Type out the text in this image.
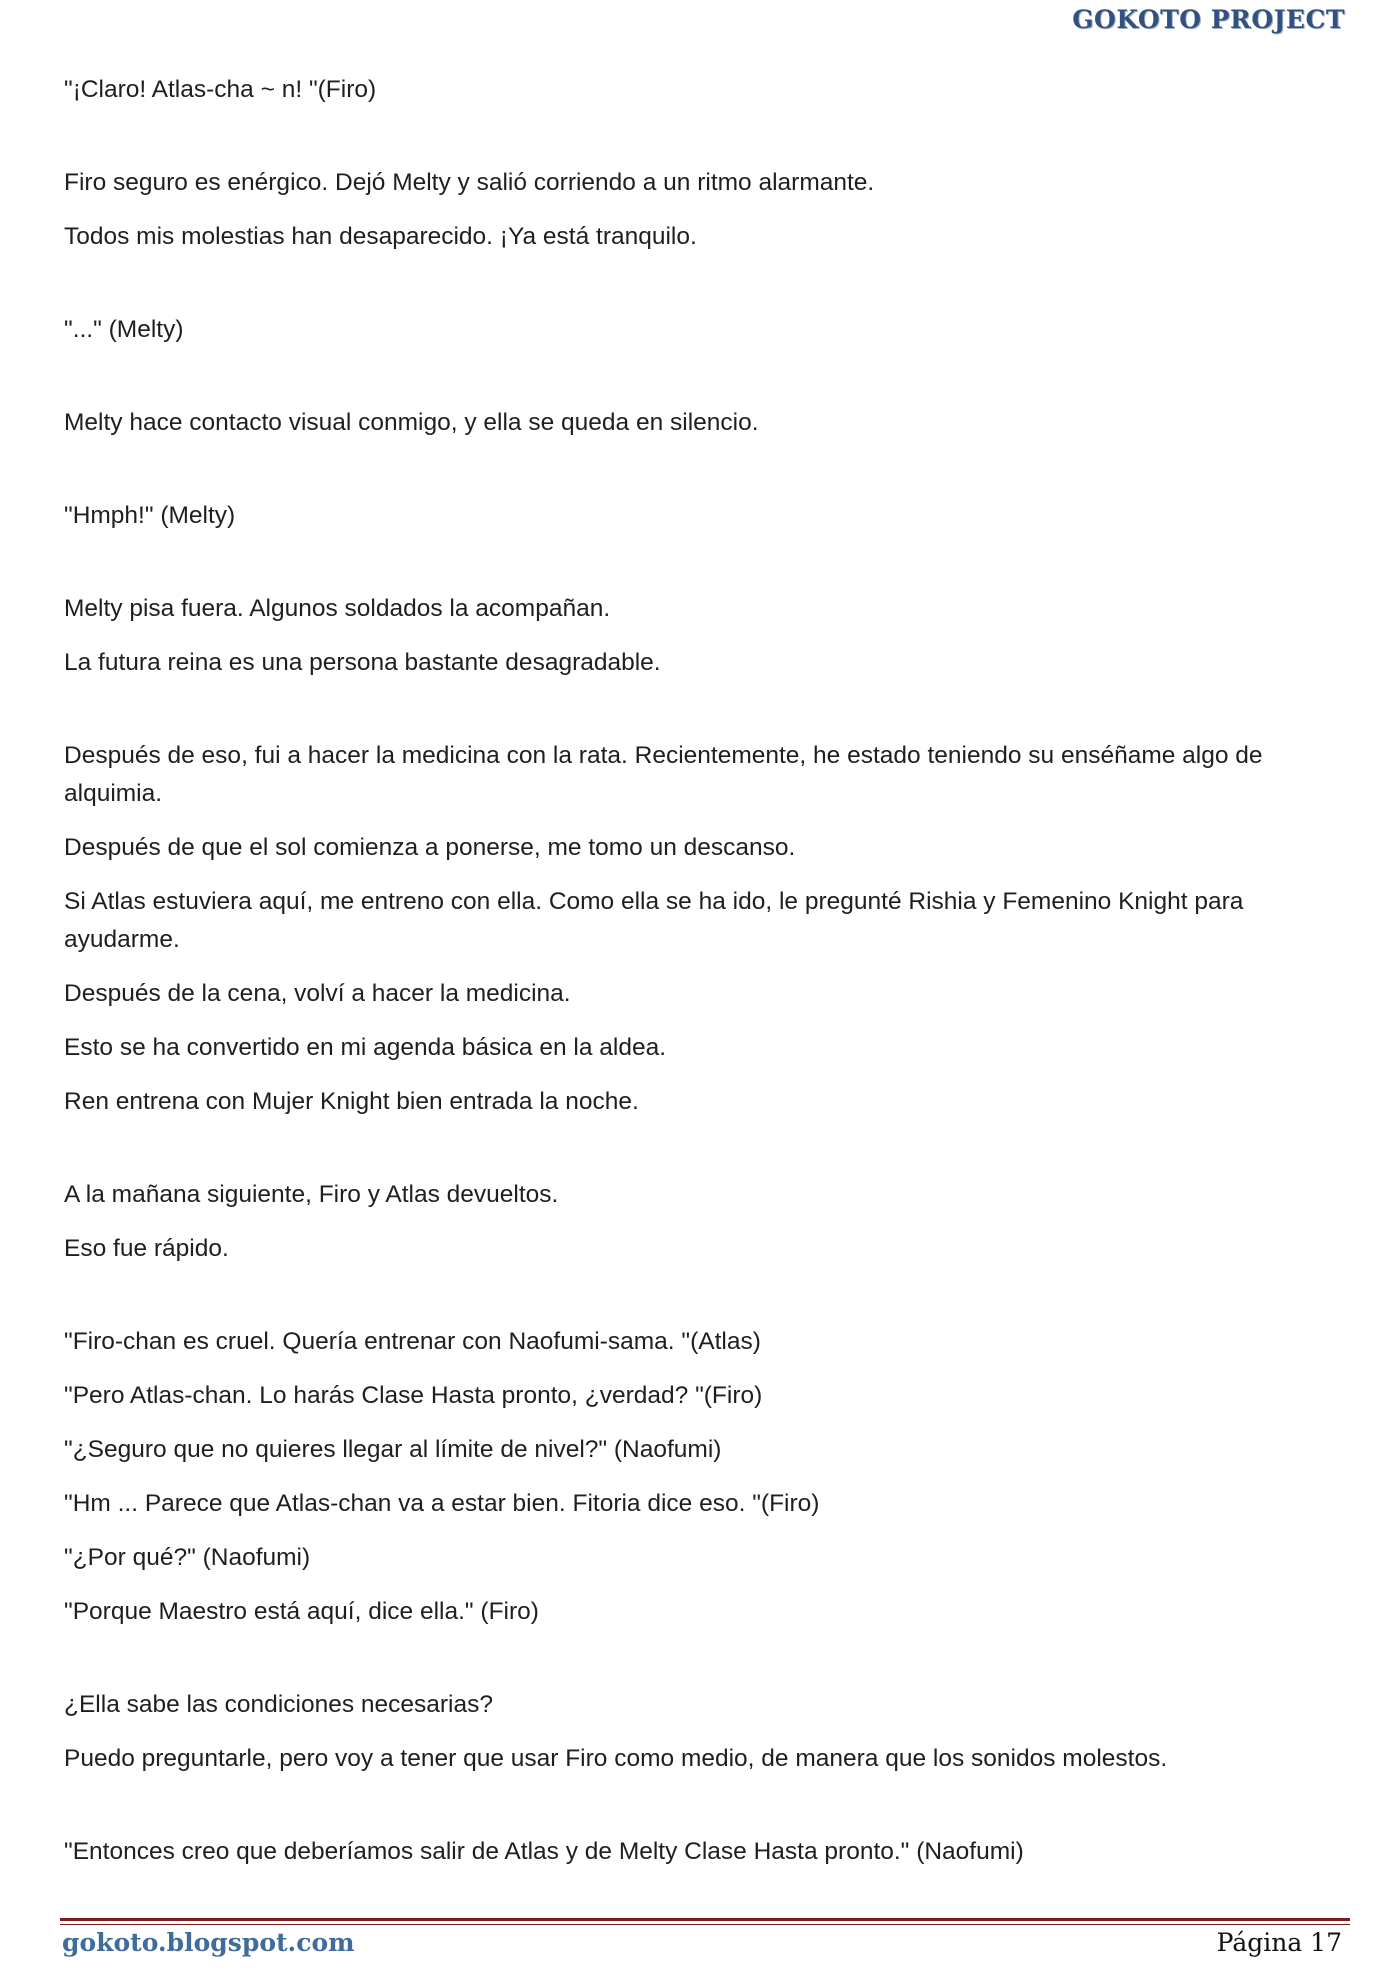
GOKOTO PROJECT

"¡Claro! Atlas-cha ~ n! "(Firo)

Firo seguro es enérgico. Dejó Melty y salió corriendo a un ritmo alarmante.

Todos mis molestias han desaparecido. ¡Ya está tranquilo.

"..." (Melty)

Melty hace contacto visual conmigo, y ella se queda en silencio.

"Hmph!" (Melty)

Melty pisa fuera. Algunos soldados la acompañan.

La futura reina es una persona bastante desagradable.

Después de eso, fui a hacer la medicina con la rata. Recientemente, he estado teniendo su enséñame algo de alquimia.

Después de que el sol comienza a ponerse, me tomo un descanso.

Si Atlas estuviera aquí, me entreno con ella. Como ella se ha ido, le pregunté Rishia y Femenino Knight para ayudarme.

Después de la cena, volví a hacer la medicina.

Esto se ha convertido en mi agenda básica en la aldea.

Ren entrena con Mujer Knight bien entrada la noche.

A la mañana siguiente, Firo y Atlas devueltos.

Eso fue rápido.

"Firo-chan es cruel. Quería entrenar con Naofumi-sama. "(Atlas)

"Pero Atlas-chan. Lo harás Clase Hasta pronto, ¿verdad? "(Firo)

"¿Seguro que no quieres llegar al límite de nivel?" (Naofumi)

"Hm ... Parece que Atlas-chan va a estar bien. Fitoria dice eso. "(Firo)

"¿Por qué?" (Naofumi)

"Porque Maestro está aquí, dice ella." (Firo)

¿Ella sabe las condiciones necesarias?

Puedo preguntarle, pero voy a tener que usar Firo como medio, de manera que los sonidos molestos.

"Entonces creo que deberíamos salir de Atlas y de Melty Clase Hasta pronto." (Naofumi)

gokoto.blogspot.com	Página 17
